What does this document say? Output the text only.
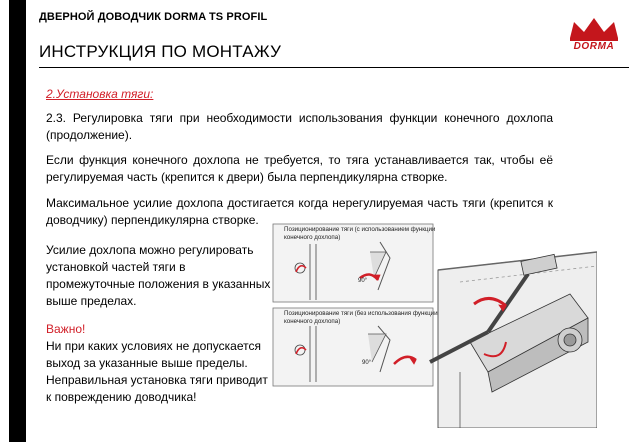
ДВЕРНОЙ ДОВОДЧИК DORMA TS PROFIL
ИНСТРУКЦИЯ ПО МОНТАЖУ	DORMA
2.Установка тяги:
2.3. Регулировка тяги при необходимости использования функции конечного дохлопа (продолжение).
Если функция конечного дохлопа не требуется, то тяга устанавливается так, чтобы её регулируемая часть (крепится к двери) была перпендикулярна створке.
Максимальное усилие дохлопа достигается когда нерегулируемая часть тяги (крепится к доводчику) перпендикулярна створке.
Усилие дохлопа можно регулировать установкой частей тяги в промежуточные положения в указанных выше пределах.
Важно!
Ни при каких условиях не допускается выход за указанные выше пределы. Неправильная установка тяги приводит к повреждению доводчика!
Позиционирование тяги (с использованием функции конечного дохлопа)
Позиционирование тяги (без использования функции конечного дохлопа)
90°
90°
